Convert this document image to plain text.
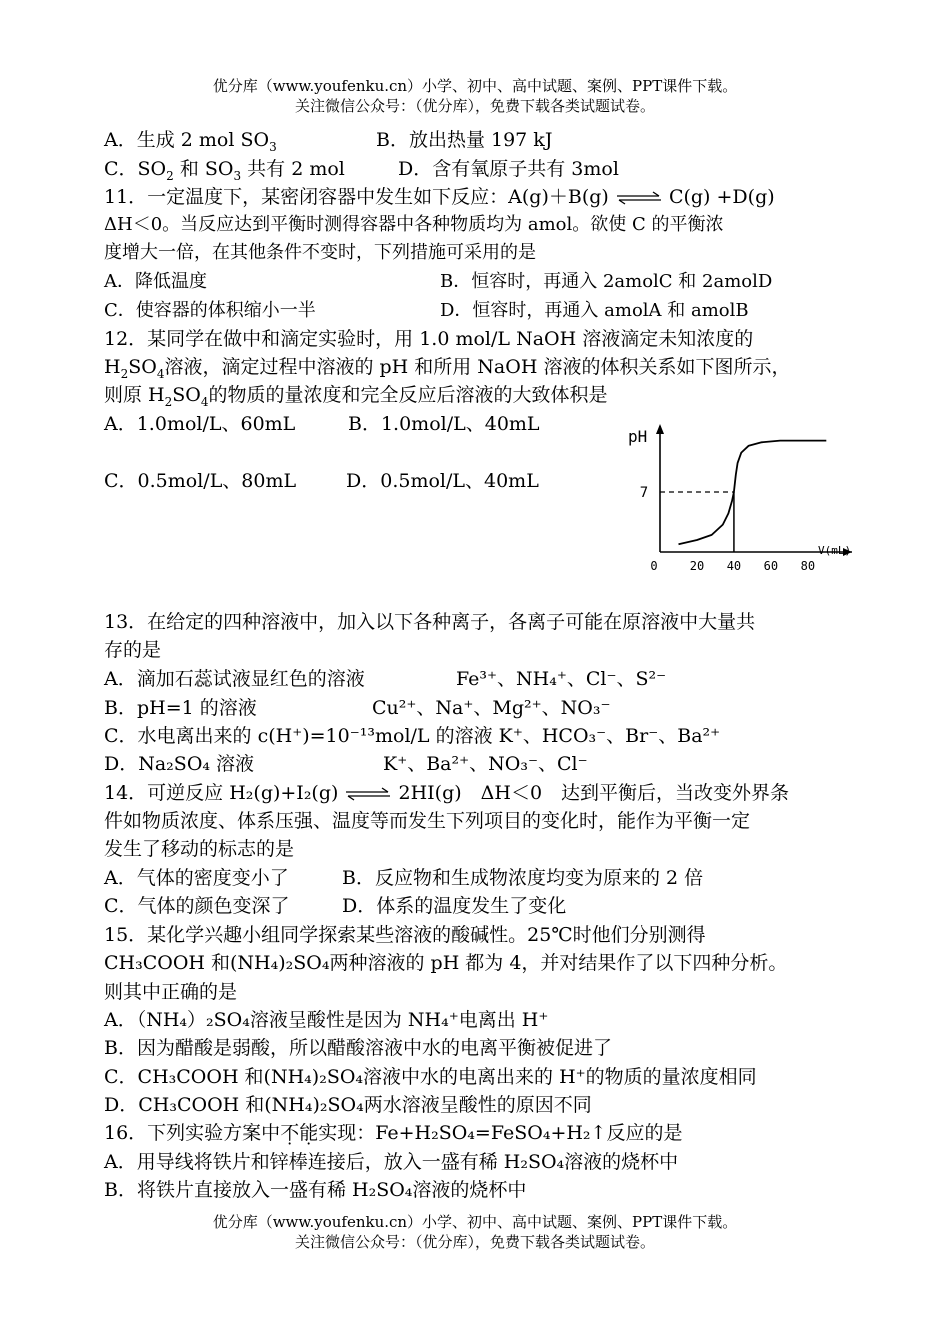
优分库（www.youfenku.cn）小学、初中、高中试题、案例、PPT课件下载。
关注微信公众号：（优分库），免费下载各类试题试卷。
A．生成 2 mol $SO_3$	B．放出热量 197 kJ
C．$SO_2$ 和 $SO_3$ 共有 2 mol	D．含有氧原子共有 3mol
11．一定温度下，某密闭容器中发生如下反应：A(g)＋B(g) ⇌ C(g) +D(g)
ΔH＜0。当反应达到平衡时测得容器中各种物质均为 amol。欲使 C 的平衡浓
度增大一倍，在其他条件不变时，下列措施可采用的是
A．降低温度	B．恒容时，再通入 2amolC 和 2amolD
C．使容器的体积缩小一半	D．恒容时，再通入 amolA 和 amolB
12．某同学在做中和滴定实验时，用 1.0 mol/L NaOH 溶液滴定未知浓度的
$H_2SO_4$溶液，滴定过程中溶液的 pH 和所用 NaOH 溶液的体积关系如下图所示，
则原 $H_2SO_4$的物质的量浓度和完全反应后溶液的大致体积是
A．1.0mol/L、60mL	B．1.0mol/L、40mL
C．0.5mol/L、80mL	D．0.5mol/L、40mL
pH
V(mL)
0	20 40 60 80
7
13．在给定的四种溶液中，加入以下各种离子，各离子可能在原溶液中大量共
存的是
A．滴加石蕊试液显红色的溶液	Fe³⁺、NH₄⁺、Cl⁻、S²⁻
B．pH=1 的溶液	Cu²⁺、Na⁺、Mg²⁺、NO₃⁻
C．水电离出来的 c(H⁺)=10⁻¹³mol/L 的溶液 K⁺、HCO₃⁻、Br⁻、Ba²⁺
D．Na₂SO₄ 溶液	K⁺、Ba²⁺、NO₃⁻、Cl⁻
14．可逆反应 H₂(g)+I₂(g) ⇌ 2HI(g)　ΔH＜0　达到平衡后，当改变外界条
件如物质浓度、体系压强、温度等而发生下列项目的变化时，能作为平衡一定
发生了移动的标志的是
A．气体的密度变小了	B．反应物和生成物浓度均变为原来的 2 倍
C．气体的颜色变深了	D．体系的温度发生了变化
15．某化学兴趣小组同学探索某些溶液的酸碱性。25℃时他们分别测得
CH₃COOH 和(NH₄)₂SO₄两种溶液的 pH 都为 4，并对结果作了以下四种分析。
则其中正确的是
A．（NH₄）₂SO₄溶液呈酸性是因为 NH₄⁺电离出 H⁺
B．因为醋酸是弱酸，所以醋酸溶液中水的电离平衡被促进了
C．CH₃COOH 和(NH₄)₂SO₄溶液中水的电离出来的 H⁺的物质的量浓度相同
D．CH₃COOH 和(NH₄)₂SO₄两水溶液呈酸性的原因不同
16．下列实验方案中不能实现：Fe+H₂SO₄=FeSO₄+H₂↑反应的是
A．用导线将铁片和锌棒连接后，放入一盛有稀 H₂SO₄溶液的烧杯中
B．将铁片直接放入一盛有稀 H₂SO₄溶液的烧杯中
优分库（www.youfenku.cn）小学、初中、高中试题、案例、PPT课件下载。
关注微信公众号：（优分库），免费下载各类试题试卷。
